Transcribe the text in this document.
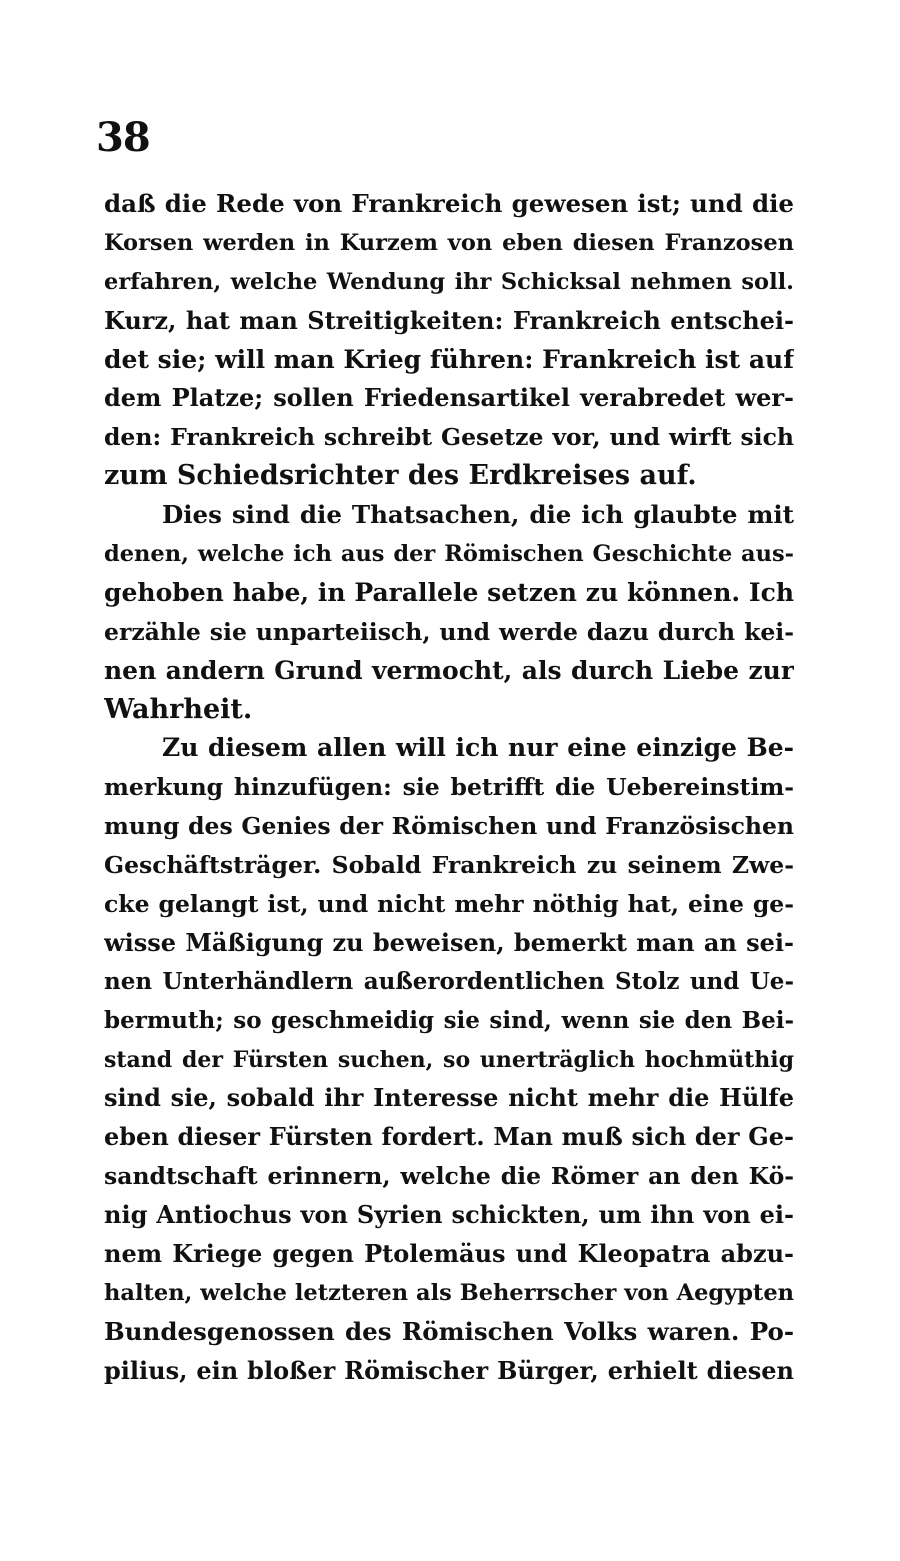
38
daß die Rede von Frankreich gewesen ist; und die
Korsen werden in Kurzem von eben diesen Franzosen
erfahren, welche Wendung ihr Schicksal nehmen soll.
Kurz, hat man Streitigkeiten: Frankreich entschei-
det sie; will man Krieg führen: Frankreich ist auf
dem Platze; sollen Friedensartikel verabredet wer-
den: Frankreich schreibt Gesetze vor, und wirft sich
zum Schiedsrichter des Erdkreises auf.
Dies sind die Thatsachen, die ich glaubte mit
denen, welche ich aus der Römischen Geschichte aus-
gehoben habe, in Parallele setzen zu können. Ich
erzähle sie unparteiisch, und werde dazu durch kei-
nen andern Grund vermocht, als durch Liebe zur
Wahrheit.
Zu diesem allen will ich nur eine einzige Be-
merkung hinzufügen: sie betrifft die Uebereinstim-
mung des Genies der Römischen und Französischen
Geschäftsträger. Sobald Frankreich zu seinem Zwe-
cke gelangt ist, und nicht mehr nöthig hat, eine ge-
wisse Mäßigung zu beweisen, bemerkt man an sei-
nen Unterhändlern außerordentlichen Stolz und Ue-
bermuth; so geschmeidig sie sind, wenn sie den Bei-
stand der Fürsten suchen, so unerträglich hochmüthig
sind sie, sobald ihr Interesse nicht mehr die Hülfe
eben dieser Fürsten fordert. Man muß sich der Ge-
sandtschaft erinnern, welche die Römer an den Kö-
nig Antiochus von Syrien schickten, um ihn von ei-
nem Kriege gegen Ptolemäus und Kleopatra abzu-
halten, welche letzteren als Beherrscher von Aegypten
Bundesgenossen des Römischen Volks waren. Po-
pilius, ein bloßer Römischer Bürger, erhielt diesen
